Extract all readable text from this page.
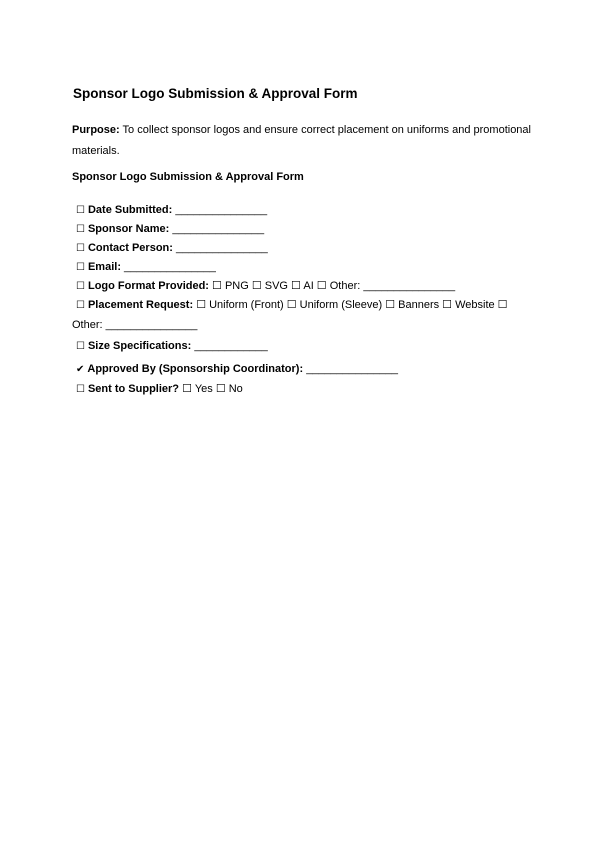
Sponsor Logo Submission & Approval Form
Purpose: To collect sponsor logos and ensure correct placement on uniforms and promotional materials.
Sponsor Logo Submission & Approval Form
☐ Date Submitted: _______________
☐ Sponsor Name: _______________
☐ Contact Person: _______________
☐ Email: _______________
☐ Logo Format Provided: ☐ PNG ☐ SVG ☐ AI ☐ Other: _______________
☐ Placement Request: ☐ Uniform (Front) ☐ Uniform (Sleeve) ☐ Banners ☐ Website ☐
Other: _______________
☐ Size Specifications: ____________
✔ Approved By (Sponsorship Coordinator): _______________
☐ Sent to Supplier? ☐ Yes ☐ No
